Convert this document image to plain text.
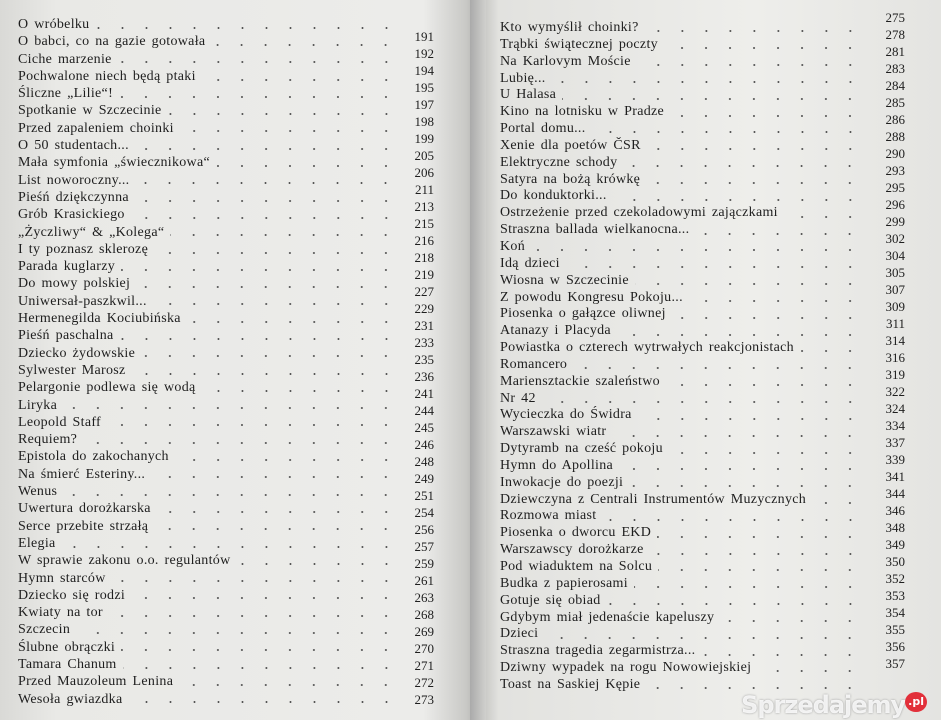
O wróbelku
O babci, co na gazie gotowała
Ciche marzenie
Pochwalone niech będą ptaki
Śliczne „Lilie“!
Spotkanie w Szczecinie
Przed zapaleniem choinki
O 50 studentach...
Mała symfonia „świecznikowa“
List noworoczny...
Pieśń dziękczynna
Grób Krasickiego
„Życzliwy“ & „Kolega“
I ty poznasz sklerozę
Parada kuglarzy
Do mowy polskiej
Uniwersał-paszkwil...
Hermenegilda Kociubińska
Pieśń paschalna
Dziecko żydowskie
Sylwester Marosz
Pelargonie podlewa się wodą
Liryka
Leopold Staff
Requiem?
Epistola do zakochanych
Na śmierć Esteriny...
Wenus
Uwertura dorożkarska
Serce przebite strzałą
Elegia
W sprawie zakonu o.o. regulantów
Hymn starców
Dziecko się rodzi
Kwiaty na tor
Szczecin
Ślubne obrączki
Tamara Chanum
Przed Mauzoleum Lenina
Wesoła gwiazdka
191
192
194
195
197
198
199
205
206
211
213
215
216
218
219
227
229
231
233
235
236
241
244
245
246
248
249
251
254
256
257
259
261
263
268
269
270
271
272
273
Kto wymyślił choinki?
Trąbki świątecznej poczty
Na Karlovym Moście
Lubię...
U Halasa
Kino na lotnisku w Pradze
Portal domu...
Xenie dla poetów ČSR
Elektryczne schody
Satyra na bożą krówkę
Do konduktorki...
Ostrzeżenie przed czekoladowymi zajączkami
Straszna ballada wielkanocna...
Koń
Idą dzieci
Wiosna w Szczecinie
Z powodu Kongresu Pokoju...
Piosenka o gałązce oliwnej
Atanazy i Placyda
Powiastka o czterech wytrwałych reakcjonistach
Romancero
Mariensztackie szaleństwo
Nr 42
Wycieczka do Świdra
Warszawski wiatr
Dytyramb na cześć pokoju
Hymn do Apollina
Inwokacje do poezji
Dziewczyna z Centrali Instrumentów Muzycznych
Rozmowa miast
Piosenka o dworcu EKD
Warszawscy dorożkarze
Pod wiaduktem na Solcu
Budka z papierosami
Gotuje się obiad
Gdybym miał jedenaście kapeluszy
Dzieci
Straszna tragedia zegarmistrza...
Dziwny wypadek na rogu Nowowiejskiej
Toast na Saskiej Kępie
275
278
281
283
284
285
286
288
290
293
295
296
299
302
304
305
307
309
311
314
316
319
322
324
334
337
339
341
344
346
348
349
350
352
353
354
355
356
357
Sprzedajemy .pl
